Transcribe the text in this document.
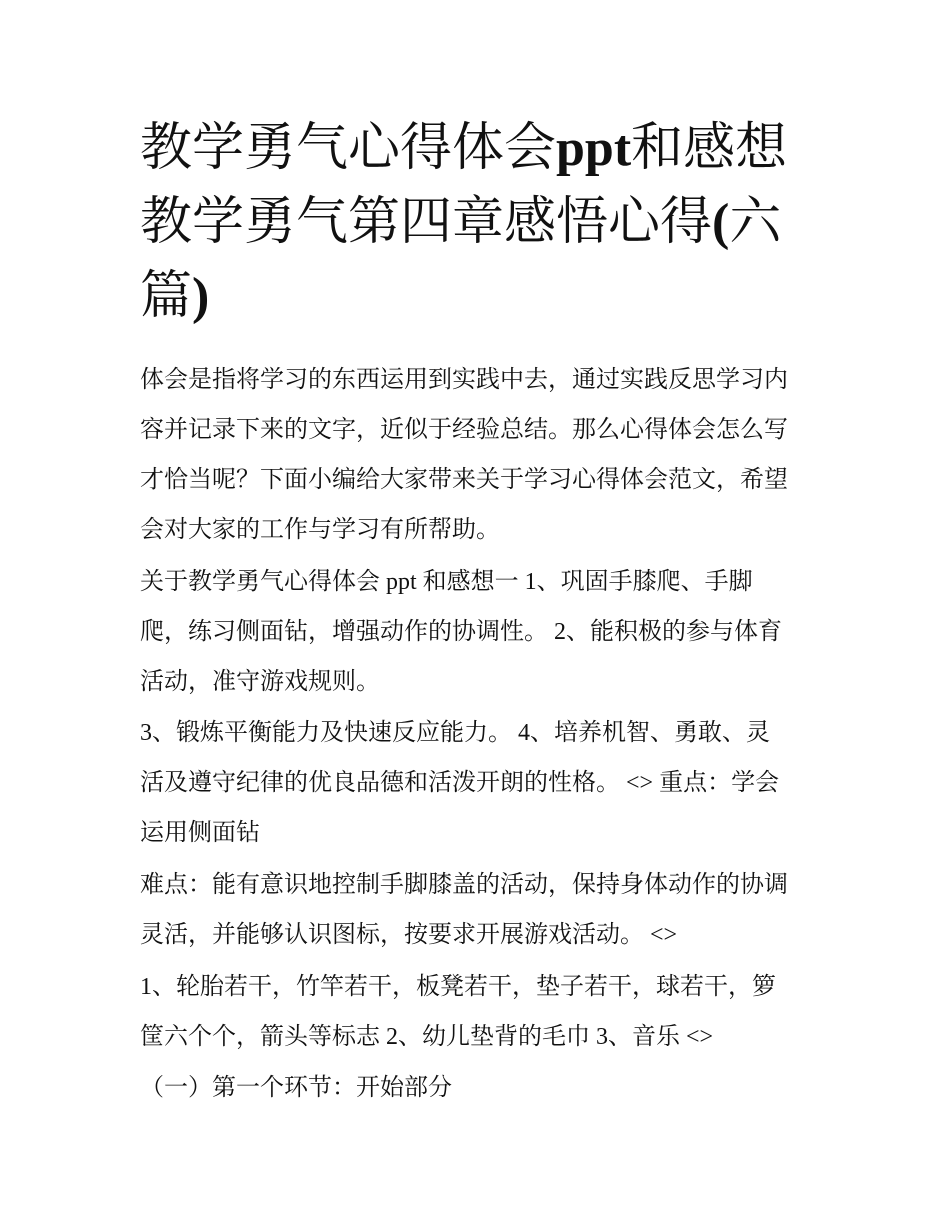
教学勇气心得体会ppt和感想
教学勇气第四章感悟心得(六
篇)

体会是指将学习的东西运用到实践中去，通过实践反思学习内

容并记录下来的文字，近似于经验总结。那么心得体会怎么写

才恰当呢？下面小编给大家带来关于学习心得体会范文，希望

会对大家的工作与学习有所帮助。

关于教学勇气心得体会 ppt 和感想一 1、巩固手膝爬、手脚

爬，练习侧面钻，增强动作的协调性。 2、能积极的参与体育

活动，准守游戏规则。

3、锻炼平衡能力及快速反应能力。 4、培养机智、勇敢、灵

活及遵守纪律的优良品德和活泼开朗的性格。 <> 重点：学会

运用侧面钻

难点：能有意识地控制手脚膝盖的活动，保持身体动作的协调

灵活，并能够认识图标，按要求开展游戏活动。 <>

1、轮胎若干，竹竿若干，板凳若干，垫子若干，球若干，箩

筐六个个，箭头等标志 2、幼儿垫背的毛巾 3、音乐 <>

（一）第一个环节：开始部分
